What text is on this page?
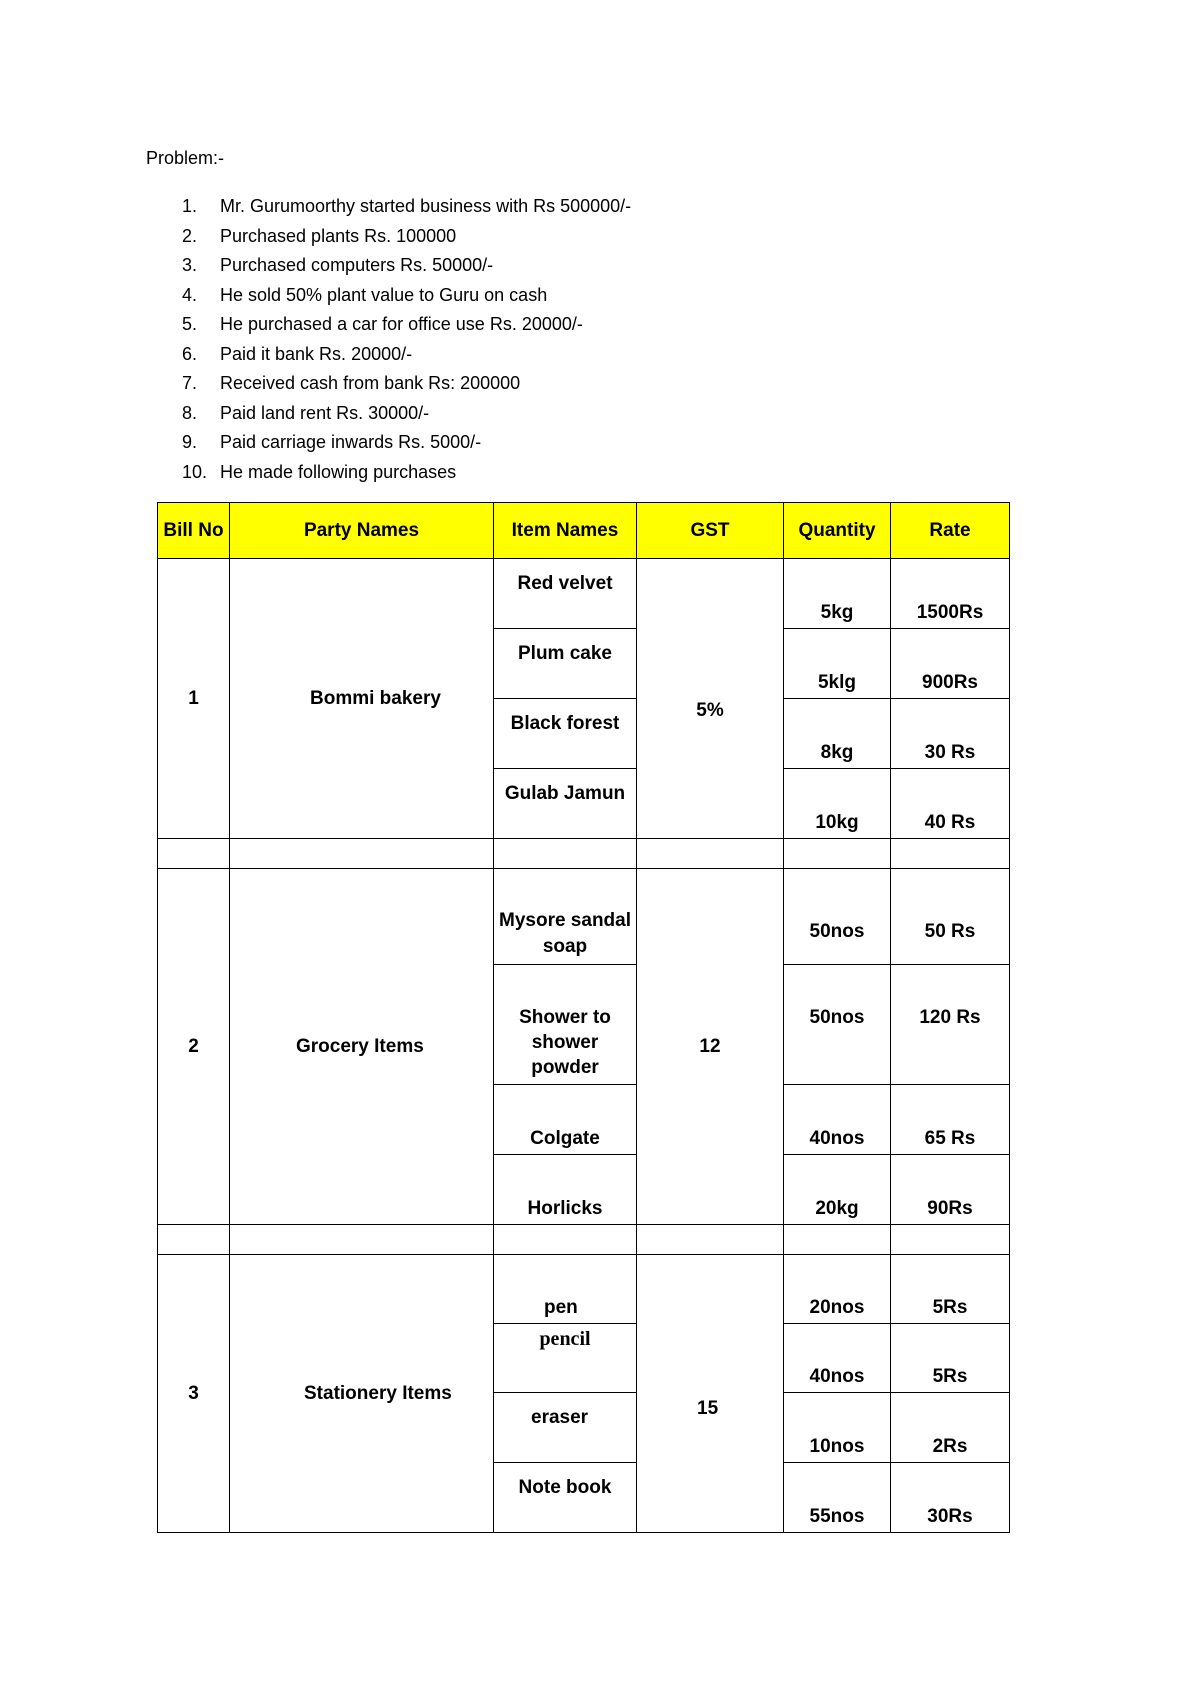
Problem:-
1. Mr. Gurumoorthy started business with Rs 500000/-
2. Purchased plants Rs. 100000
3. Purchased computers Rs. 50000/-
4. He sold 50% plant value to Guru on cash
5. He purchased a car for office use Rs. 20000/-
6. Paid it bank Rs. 20000/-
7. Received cash from bank Rs: 200000
8. Paid land rent Rs. 30000/-
9. Paid carriage inwards Rs. 5000/-
10. He made following purchases
Bill No	Party Names	Item Names	GST	Quantity	Rate
1	Bommi bakery	Red velvet	5%	5kg	1500Rs
		Plum cake		5klg	900Rs
		Black forest		8kg	30 Rs
		Gulab Jamun		10kg	40 Rs

2	Grocery Items	Mysore sandal soap	12	50nos	50 Rs
		Shower to shower powder		50nos	120 Rs
		Colgate		40nos	65 Rs
		Horlicks		20kg	90Rs

3	Stationery Items	pen	15	20nos	5Rs
		pencil		40nos	5Rs
		eraser		10nos	2Rs
		Note book		55nos	30Rs
